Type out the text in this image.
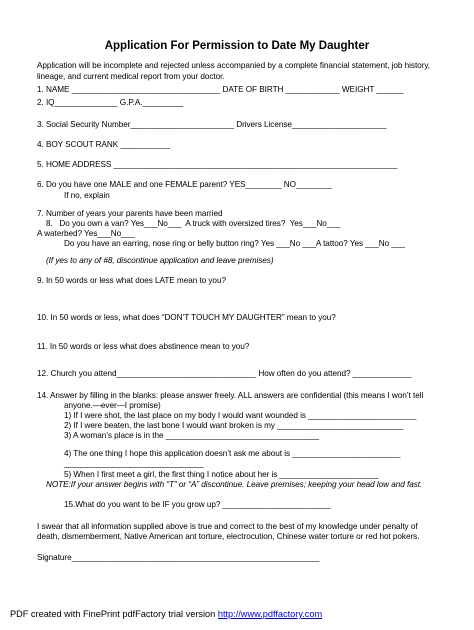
Application For Permission to Date My Daughter
Application will be incomplete and rejected unless accompanied by a complete financial statement, job history,
lineage, and current medical report from your doctor.
1. NAME _________________________________ DATE OF BIRTH ____________ WEIGHT ______
2. IQ______________ G.P.A._________
3. Social Security Number_______________________ Drivers License_____________________
4. BOY SCOUT RANK ___________
5. HOME ADDRESS _______________________________________________________________
6. Do you have one MALE and one FEMALE parent? YES________ NO________
If no, explain
7. Number of years your parents have been married
8.   Do you own a van? Yes___No___  A truck with oversized tires?  Yes___No___
A waterbed? Yes___No___
Do you have an earring, nose ring or belly button ring? Yes ___No ___A tattoo? Yes ___No ___
(If yes to any of #8, discontinue application and leave premises)
9. In 50 words or less what does LATE mean to you?
10. In 50 words or less, what does “DON’T TOUCH MY DAUGHTER” mean to you?
11. In 50 words or less what does abstinence mean to you?
12. Church you attend_______________________________ How often do you attend? _____________
14. Answer by filling in the blanks: please answer freely. ALL answers are confidential (this means I won’t tell
anyone.—ever—I promise)
1) If I were shot, the last place on my body I would want wounded is ________________________
2) If I were beaten, the last bone I would want broken is my ____________________________
3) A woman’s place is in the __________________________________
4) The one thing I hope this application doesn’t ask me about is ________________________
_______________________________
5) When I first meet a girl, the first thing I notice about her is ______________________
NOTE:If your answer begins with “T” or “A” discontinue. Leave premises; keeping your head low and fast.
15.What do you want to be IF you grow up? ________________________
I swear that all information supplied above is true and correct to the best of my knowledge under penalty of
death, dismemberment, Native American ant torture, electrocution, Chinese water torture or red hot pokers.
Signature_______________________________________________________
PDF created with FinePrint pdfFactory trial version http://www.pdffactory.com
